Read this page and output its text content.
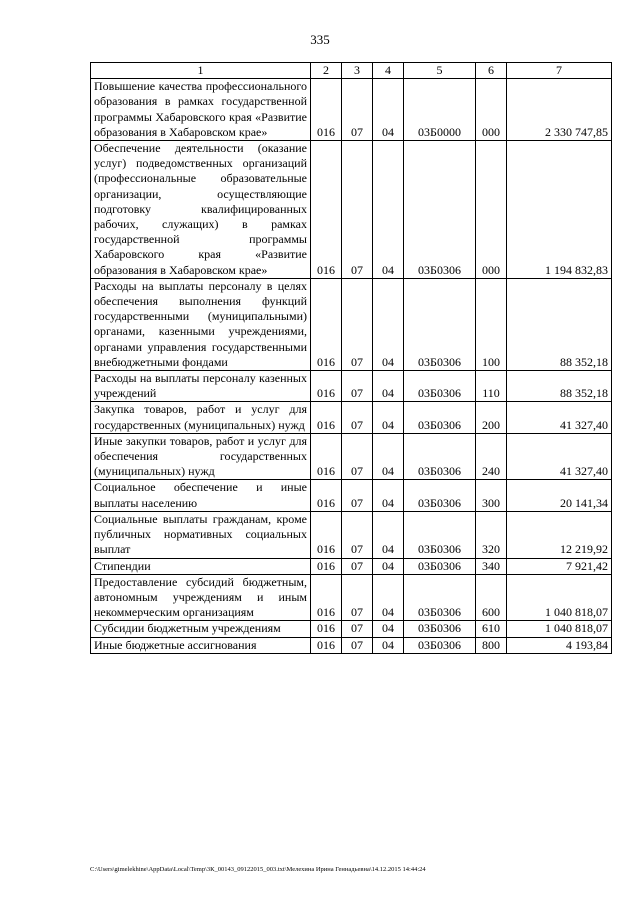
335
1	2	3	4	5	6	7
Повышение качества профессионального образования в рамках государственной программы Хабаровского края «Развитие образования в Хабаровском крае»	016	07	04	03Б0000	000	2 330 747,85
Обеспечение деятельности (оказание услуг) подведомственных организаций (профессиональные образовательные организации, осуществляющие подготовку квалифицированных рабочих, служащих) в рамках государственной программы Хабаровского края «Развитие образования в Хабаровском крае»	016	07	04	03Б0306	000	1 194 832,83
Расходы на выплаты персоналу в целях обеспечения выполнения функций государственными (муниципальными) органами, казенными учреждениями, органами управления государственными внебюджетными фондами	016	07	04	03Б0306	100	88 352,18
Расходы на выплаты персоналу казенных учреждений	016	07	04	03Б0306	110	88 352,18
Закупка товаров, работ и услуг для государственных (муниципальных) нужд	016	07	04	03Б0306	200	41 327,40
Иные закупки товаров, работ и услуг для обеспечения государственных (муниципальных) нужд	016	07	04	03Б0306	240	41 327,40
Социальное обеспечение и иные выплаты населению	016	07	04	03Б0306	300	20 141,34
Социальные выплаты гражданам, кроме публичных нормативных социальных выплат	016	07	04	03Б0306	320	12 219,92
Стипендии	016	07	04	03Б0306	340	7 921,42
Предоставление субсидий бюджетным, автономным учреждениям и иным некоммерческим организациям	016	07	04	03Б0306	600	1 040 818,07
Субсидии бюджетным учреждениям	016	07	04	03Б0306	610	1 040 818,07
Иные бюджетные ассигнования	016	07	04	03Б0306	800	4 193,84
C:\Users\gimelekhine\AppData\Local\Temp\3К_00143_09122015_003.txt\Мелехина Ирина Геннадьевна\14.12.2015 14:44:24
